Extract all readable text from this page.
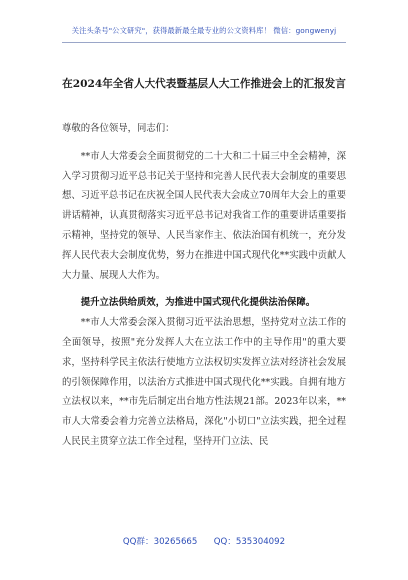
关注头条号"公文研究"，获得最新最全最专业的公文资料库！ 微信：gongwenyj
在2024年全省人大代表暨基层人大工作推进会上的汇报发言

尊敬的各位领导，同志们：

**市人大常委会全面贯彻党的二十大和二十届三中全会精神，深入学习贯彻习近平总书记关于坚持和完善人民代表大会制度的重要思想、习近平总书记在庆祝全国人民代表大会成立70周年大会上的重要讲话精神，认真贯彻落实习近平总书记对我省工作的重要讲话重要指示精神，坚持党的领导、人民当家作主、依法治国有机统一，充分发挥人民代表大会制度优势，努力在推进中国式现代化**实践中贡献人大力量、展现人大作为。

提升立法供给质效，为推进中国式现代化提供法治保障。

**市人大常委会深入贯彻习近平法治思想，坚持党对立法工作的全面领导，按照"充分发挥人大在立法工作中的主导作用"的重大要求，坚持科学民主依法行使地方立法权切实发挥立法对经济社会发展的引领保障作用，以法治方式推进中国式现代化**实践。自拥有地方立法权以来，**市先后制定出台地方性法规21部。2023年以来，**市人大常委会着力完善立法格局，深化"小切口"立法实践，把全过程人民民主贯穿立法工作全过程，坚持开门立法、民

QQ群：30265665 QQ：535304092
